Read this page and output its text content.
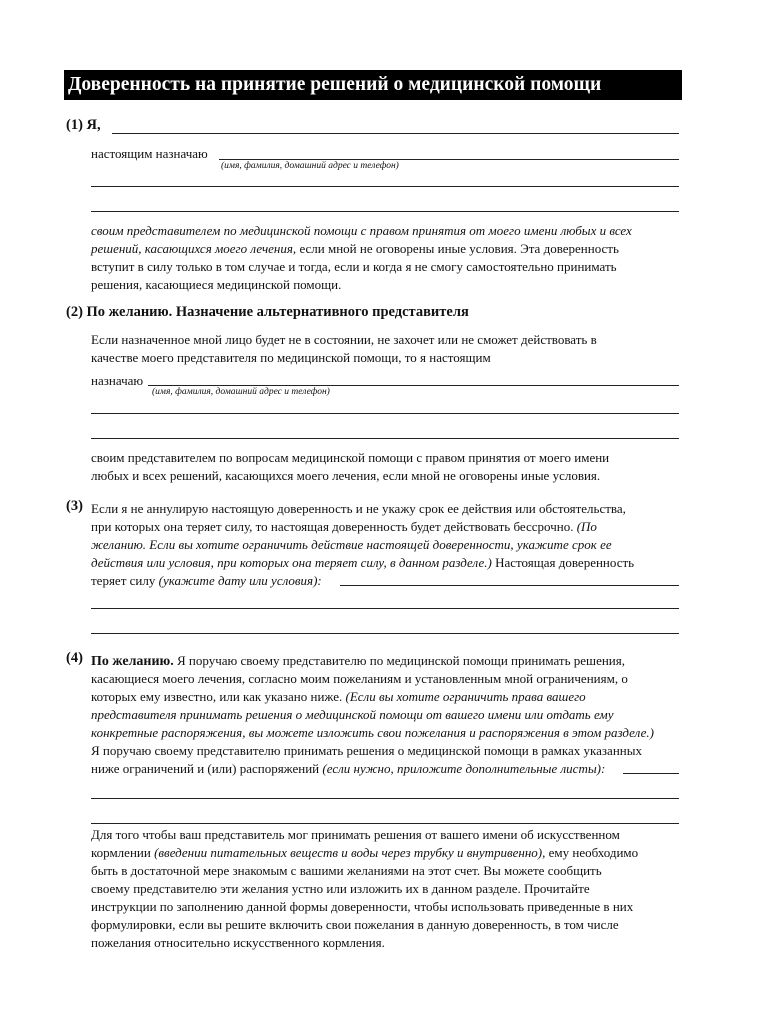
Доверенность на принятие решений о медицинской помощи
(1) Я,
настоящим назначаю
(имя, фамилия, домашний адрес и телефон)
своим представителем по медицинской помощи с правом принятия от моего имени любых и всех
решений, касающихся моего лечения, если мной не оговорены иные условия. Эта доверенность
вступит в силу только в том случае и тогда, если и когда я не смогу самостоятельно принимать
решения, касающиеся медицинской помощи.
(2) По желанию. Назначение альтернативного представителя
Если назначенное мной лицо будет не в состоянии, не захочет или не сможет действовать в
качестве моего представителя по медицинской помощи, то я настоящим
назначаю
(имя, фамилия, домашний адрес и телефон)
своим представителем по вопросам медицинской помощи с правом принятия от моего имени
любых и всех решений, касающихся моего лечения, если мной не оговорены иные условия.
(3) Если я не аннулирую настоящую доверенность и не укажу срок ее действия или обстоятельства,
при которых она теряет силу, то настоящая доверенность будет действовать бессрочно. (По
желанию. Если вы хотите ограничить действие настоящей доверенности, укажите срок ее
действия или условия, при которых она теряет силу, в данном разделе.) Настоящая доверенность
теряет силу (укажите дату или условия):
(4) По желанию. Я поручаю своему представителю по медицинской помощи принимать решения,
касающиеся моего лечения, согласно моим пожеланиям и установленным мной ограничениям, о
которых ему известно, или как указано ниже. (Если вы хотите ограничить права вашего
представителя принимать решения о медицинской помощи от вашего имени или отдать ему
конкретные распоряжения, вы можете изложить свои пожелания и распоряжения в этом разделе.)
Я поручаю своему представителю принимать решения о медицинской помощи в рамках указанных
ниже ограничений и (или) распоряжений (если нужно, приложите дополнительные листы):
Для того чтобы ваш представитель мог принимать решения от вашего имени об искусственном
кормлении (введении питательных веществ и воды через трубку и внутривенно), ему необходимо
быть в достаточной мере знакомым с вашими желаниями на этот счет. Вы можете сообщить
своему представителю эти желания устно или изложить их в данном разделе. Прочитайте
инструкции по заполнению данной формы доверенности, чтобы использовать приведенные в них
формулировки, если вы решите включить свои пожелания в данную доверенность, в том числе
пожелания относительно искусственного кормления.
